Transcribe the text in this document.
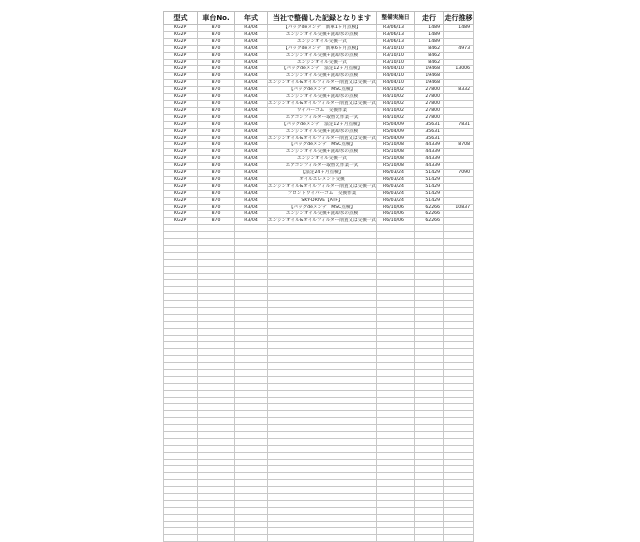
型式	車台No.	年式	当社で整備した記録となります	整備実施日	走行	走行推移
KG2P	870	R3/04	【パックdeメンテ　新車1ヶ月点検】	R3/06/13	1489	1489
KG2P	870	R3/04	エンジンオイル交換+洗却水の点検	R3/06/13	1489	
KG2P	870	R3/04	エンジンオイル交換一式	R3/06/13	1489	
KG2P	870	R3/04	【パックdeメンテ　新車6ヶ月点検】	R3/10/10	8462	4973
KG2P	870	R3/04	エンジンオイル交換+洗却水の点検	R3/10/10	8462	
KG2P	870	R3/04	エンジンオイル交換一式	R3/10/10	8462	
KG2P	870	R3/04	【パックdeメンテ　法定12ヶ月点検】	R4/04/10	19468	13006
KG2P	870	R3/04	エンジンオイル交換+洗却水の点検	R4/04/10	19468	
KG2P	870	R3/04	エンジンオイル&オイルフィルター削査又は交換一式	R4/04/10	19468	
KG2P	870	R3/04	【パックdeメンテ　MSC点検】	R4/10/02	27800	8332
KG2P	870	R3/04	エンジンオイル交換+洗却水の点検	R4/10/02	27800	
KG2P	870	R3/04	エンジンオイル&オイルフィルター削査又は交換一式	R4/10/02	27800	
KG2P	870	R3/04	ワイパーゴム　交換作業	R4/10/02	27800	
KG2P	870	R3/04	エアコンフィルター取替え作業一式	R4/10/02	27800	
KG2P	870	R3/04	【パックdeメンテ　法定12ヶ月点検】	R5/04/09	35631	7831
KG2P	870	R3/04	エンジンオイル交換+洗却水の点検	R5/04/09	35631	
KG2P	870	R3/04	エンジンオイル&オイルフィルター削査又は交換一式	R5/04/09	35631	
KG2P	870	R3/04	【パックdeメンテ　MSC点検】	R5/10/08	44339	8708
KG2P	870	R3/04	エンジンオイル交換+洗却水の点検	R5/10/08	44339	
KG2P	870	R3/04	エンジンオイル交換一式	R5/10/08	44339	
KG2P	870	R3/04	エアコンフィルター取替え作業一式	R5/10/08	44339	
KG2P	870	R3/04	【法定24ヶ月点検】	R6/03/24	51429	7090
KG2P	870	R3/04	オイルエレメント交換	R6/03/24	51429	
KG2P	870	R3/04	エンジンオイル&オイルフィルター削査又は交換一式	R6/03/24	51429	
KG2P	870	R3/04	フロントワイパーゴム　交換作業	R6/03/24	51429	
KG2P	870	R3/04	SKY-DRIVE【ATF】	R6/03/24	51429	
KG2P	870	R3/04	【パックdeメンテ　MSC点検】	R6/10/06	62266	10837
KG2P	870	R3/04	エンジンオイル交換+洗却水の点検	R6/10/06	62266	
KG2P	870	R3/04	エンジンオイル&オイルフィルター削査又は交換一式	R6/10/06	62266	
